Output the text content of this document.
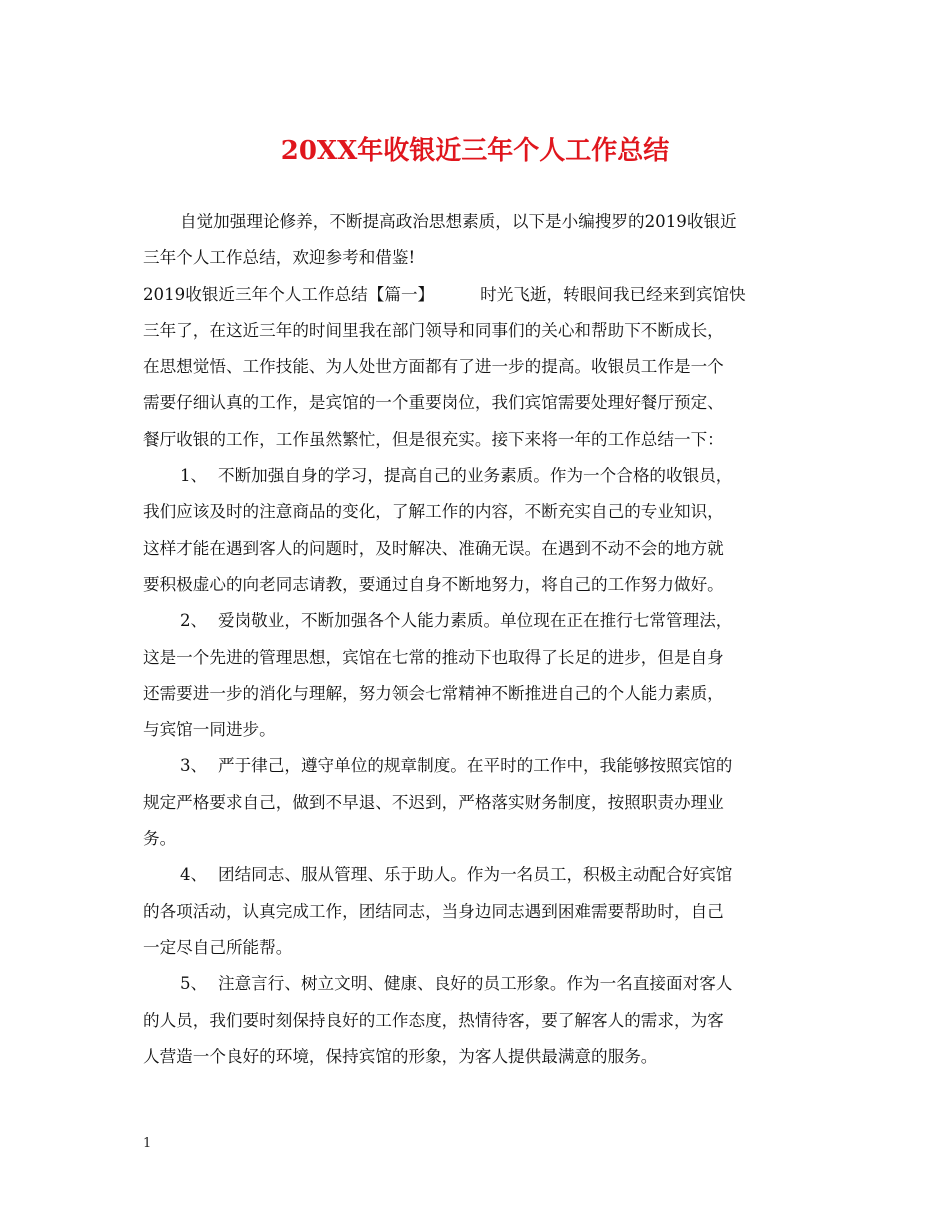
20XX年收银近三年个人工作总结
自觉加强理论修养，不断提高政治思想素质，以下是小编搜罗的2019收银近
三年个人工作总结，欢迎参考和借鉴!
2019收银近三年个人工作总结【篇一】	时光飞逝，转眼间我已经来到宾馆快
三年了，在这近三年的时间里我在部门领导和同事们的关心和帮助下不断成长，
在思想觉悟、工作技能、为人处世方面都有了进一步的提高。收银员工作是一个
需要仔细认真的工作，是宾馆的一个重要岗位，我们宾馆需要处理好餐厅预定、
餐厅收银的工作，工作虽然繁忙，但是很充实。接下来将一年的工作总结一下：
1、 不断加强自身的学习，提高自己的业务素质。作为一个合格的收银员，
我们应该及时的注意商品的变化，了解工作的内容，不断充实自己的专业知识，
这样才能在遇到客人的问题时，及时解决、准确无误。在遇到不动不会的地方就
要积极虚心的向老同志请教，要通过自身不断地努力，将自己的工作努力做好。
2、 爱岗敬业，不断加强各个人能力素质。单位现在正在推行七常管理法，
这是一个先进的管理思想，宾馆在七常的推动下也取得了长足的进步，但是自身
还需要进一步的消化与理解，努力领会七常精神不断推进自己的个人能力素质，
与宾馆一同进步。
3、 严于律己，遵守单位的规章制度。在平时的工作中，我能够按照宾馆的
规定严格要求自己，做到不早退、不迟到，严格落实财务制度，按照职责办理业
务。
4、 团结同志、服从管理、乐于助人。作为一名员工，积极主动配合好宾馆
的各项活动，认真完成工作，团结同志，当身边同志遇到困难需要帮助时，自己
一定尽自己所能帮。
5、 注意言行、树立文明、健康、良好的员工形象。作为一名直接面对客人
的人员，我们要时刻保持良好的工作态度，热情待客，要了解客人的需求，为客
人营造一个良好的环境，保持宾馆的形象，为客人提供最满意的服务。
1
